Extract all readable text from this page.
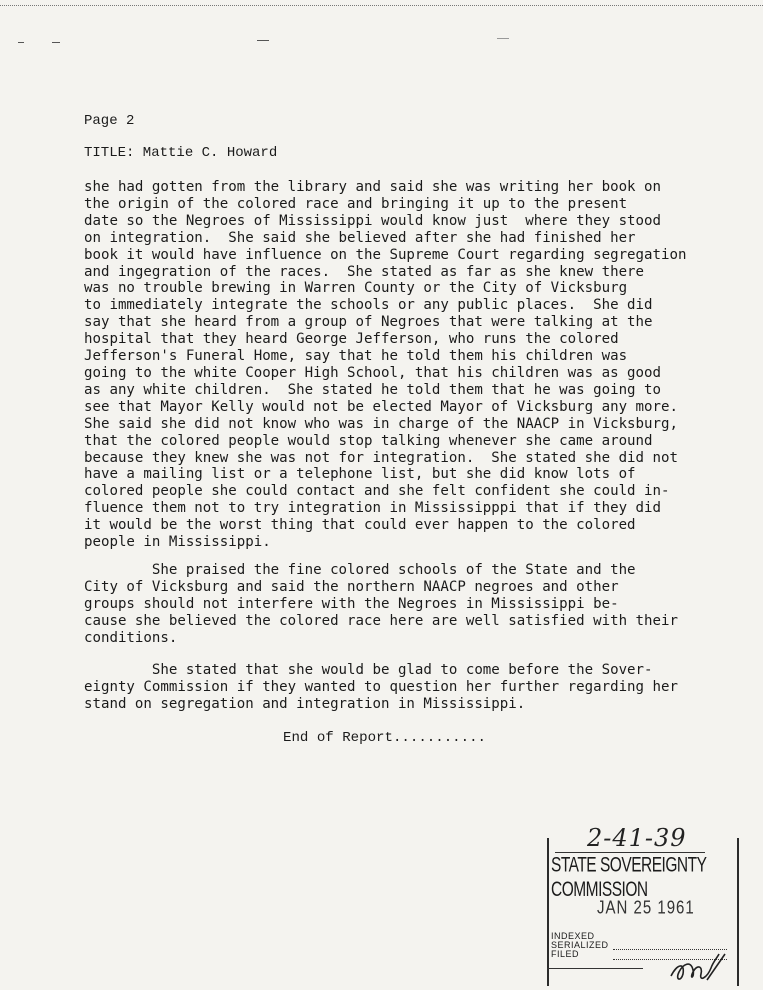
Page 2
TITLE: Mattie C. Howard
she had gotten from the library and said she was writing her book on
the origin of the colored race and bringing it up to the present
date so the Negroes of Mississippi would know just  where they stood
on integration.  She said she believed after she had finished her
book it would have influence on the Supreme Court regarding segregation
and ingegration of the races.  She stated as far as she knew there
was no trouble brewing in Warren County or the City of Vicksburg
to immediately integrate the schools or any public places.  She did
say that she heard from a group of Negroes that were talking at the
hospital that they heard George Jefferson, who runs the colored
Jefferson's Funeral Home, say that he told them his children was
going to the white Cooper High School, that his children was as good
as any white children.  She stated he told them that he was going to
see that Mayor Kelly would not be elected Mayor of Vicksburg any more.
She said she did not know who was in charge of the NAACP in Vicksburg,
that the colored people would stop talking whenever she came around
because they knew she was not for integration.  She stated she did not
have a mailing list or a telephone list, but she did know lots of
colored people she could contact and she felt confident she could in-
fluence them not to try integration in Mississipppi that if they did
it would be the worst thing that could ever happen to the colored
people in Mississippi.
She praised the fine colored schools of the State and the
City of Vicksburg and said the northern NAACP negroes and other
groups should not interfere with the Negroes in Mississippi be-
cause she believed the colored race here are well satisfied with their
conditions.
She stated that she would be glad to come before the Sover-
eignty Commission if they wanted to question her further regarding her
stand on segregation and integration in Mississippi.
End of Report...........
2-41-39
STATE SOVEREIGNTY COMMISSION
JAN 25 1961
INDEXED
SERIALIZED
FILED
